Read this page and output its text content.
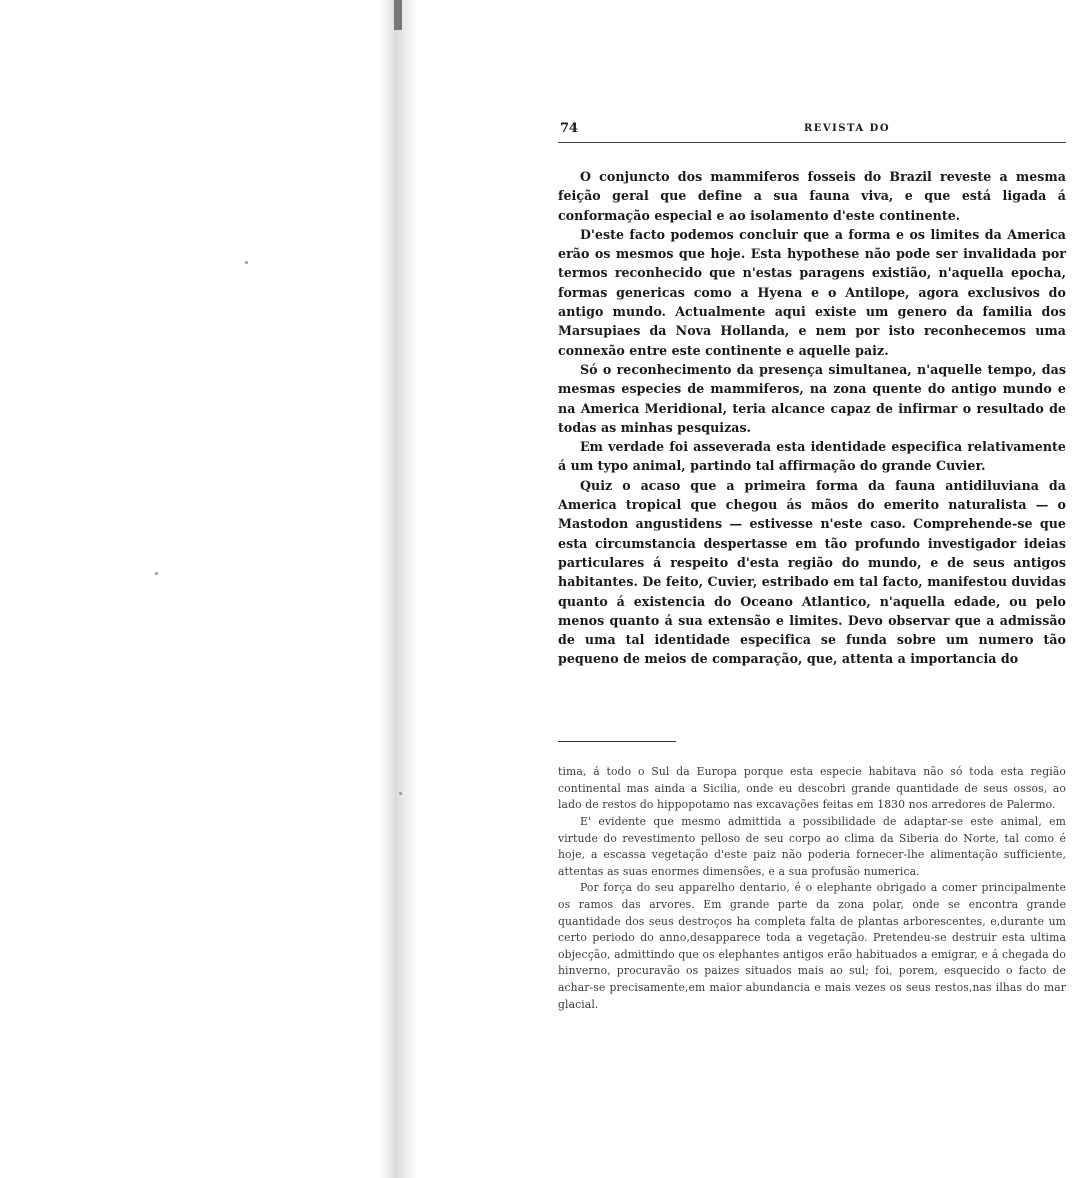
74	REVISTA DO

O conjuncto dos mammiferos fosseis do Brazil reveste a mesma feição geral que define a sua fauna viva, e que está ligada á conformação especial e ao isolamento d'este continente.

D'este facto podemos concluir que a forma e os limites da America erão os mesmos que hoje. Esta hypothese não pode ser invalidada por termos reconhecido que n'estas paragens existião, n'aquella epocha, formas genericas como a Hyena e o Antilope, agora exclusivos do antigo mundo. Actualmente aqui existe um genero da familia dos Marsupiaes da Nova Hollanda, e nem por isto reconhecemos uma connexão entre este continente e aquelle paiz.

Só o reconhecimento da presença simultanea, n'aquelle tempo, das mesmas especies de mammiferos, na zona quente do antigo mundo e na America Meridional, teria alcance capaz de infirmar o resultado de todas as minhas pesquizas.

Em verdade foi asseverada esta identidade especifica relativamente á um typo animal, partindo tal affirmação do grande Cuvier.

Quiz o acaso que a primeira forma da fauna antidiluviana da America tropical que chegou ás mãos do emerito naturalista — o Mastodon angustidens — estivesse n'este caso. Comprehende-se que esta circumstancia despertasse em tão profundo investigador ideias particulares á respeito d'esta região do mundo, e de seus antigos habitantes. De feito, Cuvier, estribado em tal facto, manifestou duvidas quanto á existencia do Oceano Atlantico, n'aquella edade, ou pelo menos quanto á sua extensão e limites. Devo observar que a admissão de uma tal identidade especifica se funda sobre um numero tão pequeno de meios de comparação, que, attenta a importancia do

tima, á todo o Sul da Europa porque esta especie habitava não só toda esta região continental mas ainda a Sicilia, onde eu descobri grande quantidade de seus ossos, ao lado de restos do hippopotamo nas excavações feitas em 1830 nos arredores de Palermo.

E' evidente que mesmo admittida a possibilidade de adaptar-se este animal, em virtude do revestimento pelloso de seu corpo ao clima da Siberia do Norte, tal como é hoje, a escassa vegetação d'este paiz não poderia fornecer-lhe alimentação sufficiente, attentas as suas enormes dimensões, e a sua profusão numerica.

Por força do seu apparelho dentario, é o elephante obrigado a comer principalmente os ramos das arvores. Em grande parte da zona polar, onde se encontra grande quantidade dos seus destroços ha completa falta de plantas arborescentes, e,durante um certo periodo do anno,desapparece toda a vegetação. Pretendeu-se destruir esta ultima objecção, admittindo que os elephantes antigos erão habituados a emigrar, e á chegada do hinverno, procuravão os paizes situados mais ao sul; foi, porem, esquecido o facto de achar-se precisamente,em maior abundancia e mais vezes os seus restos,nas ilhas do mar glacial.
